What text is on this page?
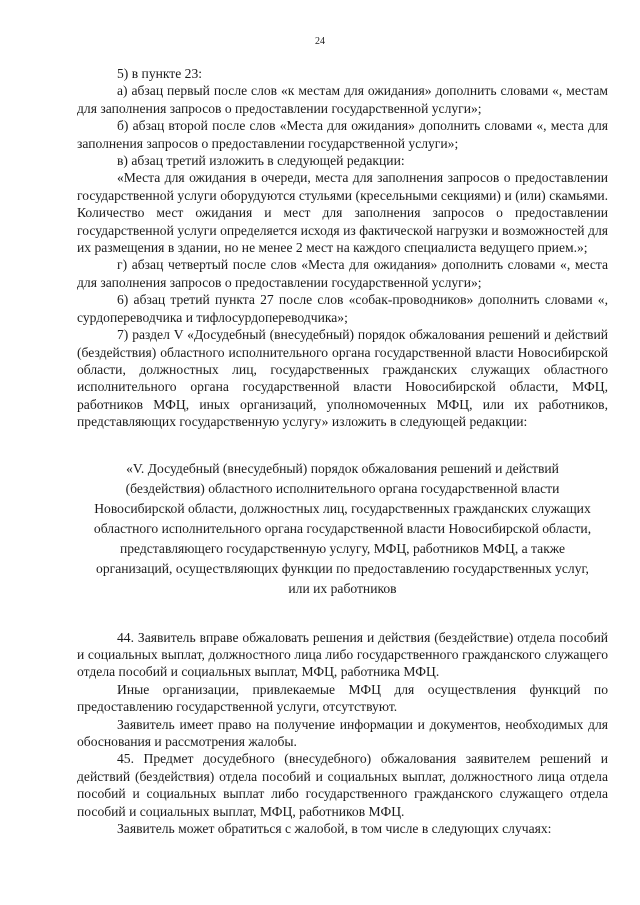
24

5) в пункте 23:

а) абзац первый после слов «к местам для ожидания» дополнить словами «, местам для заполнения запросов о предоставлении государственной услуги»;

б) абзац второй после слов «Места для ожидания» дополнить словами «, места для заполнения запросов о предоставлении государственной услуги»;

в) абзац третий изложить в следующей редакции:

«Места для ожидания в очереди, места для заполнения запросов о предоставлении государственной услуги оборудуются стульями (кресельными секциями) и (или) скамьями. Количество мест ожидания и мест для заполнения запросов о предоставлении государственной услуги определяется исходя из фактической нагрузки и возможностей для их размещения в здании, но не менее 2 мест на каждого специалиста ведущего прием.»;

г) абзац четвертый после слов «Места для ожидания» дополнить словами «, места для заполнения запросов о предоставлении государственной услуги»;

6) абзац третий пункта 27 после слов «собак-проводников» дополнить словами «, сурдопереводчика и тифлосурдопереводчика»;

7) раздел V «Досудебный (внесудебный) порядок обжалования решений и действий (бездействия) областного исполнительного органа государственной власти Новосибирской области, должностных лиц, государственных гражданских служащих областного исполнительного органа государственной власти Новосибирской области, МФЦ, работников МФЦ, иных организаций, уполномоченных МФЦ, или их работников, представляющих государственную услугу» изложить в следующей редакции:

«V. Досудебный (внесудебный) порядок обжалования решений и действий (бездействия) областного исполнительного органа государственной власти Новосибирской области, должностных лиц, государственных гражданских служащих областного исполнительного органа государственной власти Новосибирской области, представляющего государственную услугу, МФЦ, работников МФЦ, а также организаций, осуществляющих функции по предоставлению государственных услуг, или их работников

44. Заявитель вправе обжаловать решения и действия (бездействие) отдела пособий и социальных выплат, должностного лица либо государственного гражданского служащего отдела пособий и социальных выплат, МФЦ, работника МФЦ.

Иные организации, привлекаемые МФЦ для осуществления функций по предоставлению государственной услуги, отсутствуют.

Заявитель имеет право на получение информации и документов, необходимых для обоснования и рассмотрения жалобы.

45. Предмет досудебного (внесудебного) обжалования заявителем решений и действий (бездействия) отдела пособий и социальных выплат, должностного лица отдела пособий и социальных выплат либо государственного гражданского служащего отдела пособий и социальных выплат, МФЦ, работников МФЦ.

Заявитель может обратиться с жалобой, в том числе в следующих случаях:
